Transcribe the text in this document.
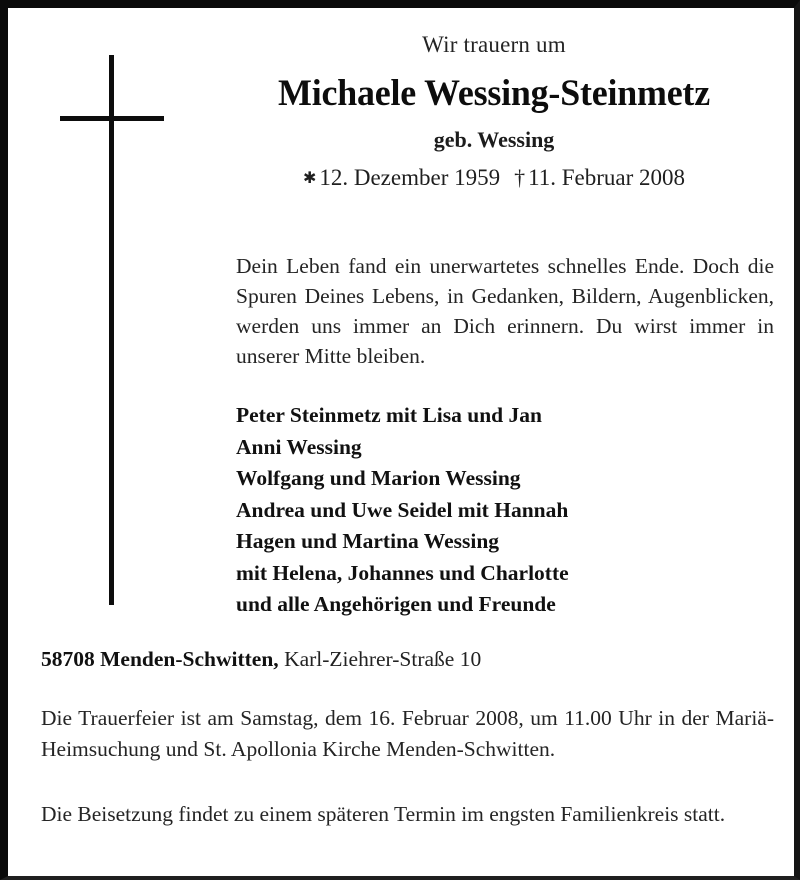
Wir trauern um
Michaele Wessing-Steinmetz
geb. Wessing
✱ 12. Dezember 1959 † 11. Februar 2008
Dein Leben fand ein unerwartetes schnelles Ende. Doch die Spuren Deines Lebens, in Gedanken, Bildern, Augenblicken, werden uns immer an Dich erinnern. Du wirst immer in unserer Mitte bleiben.
Peter Steinmetz mit Lisa und Jan
Anni Wessing
Wolfgang und Marion Wessing
Andrea und Uwe Seidel mit Hannah
Hagen und Martina Wessing
mit Helena, Johannes und Charlotte
und alle Angehörigen und Freunde
58708 Menden-Schwitten, Karl-Ziehrer-Straße 10
Die Trauerfeier ist am Samstag, dem 16. Februar 2008, um 11.00 Uhr in der Mariä-Heimsuchung und St. Apollonia Kirche Menden-Schwitten.
Die Beisetzung findet zu einem späteren Termin im engsten Familienkreis statt.
